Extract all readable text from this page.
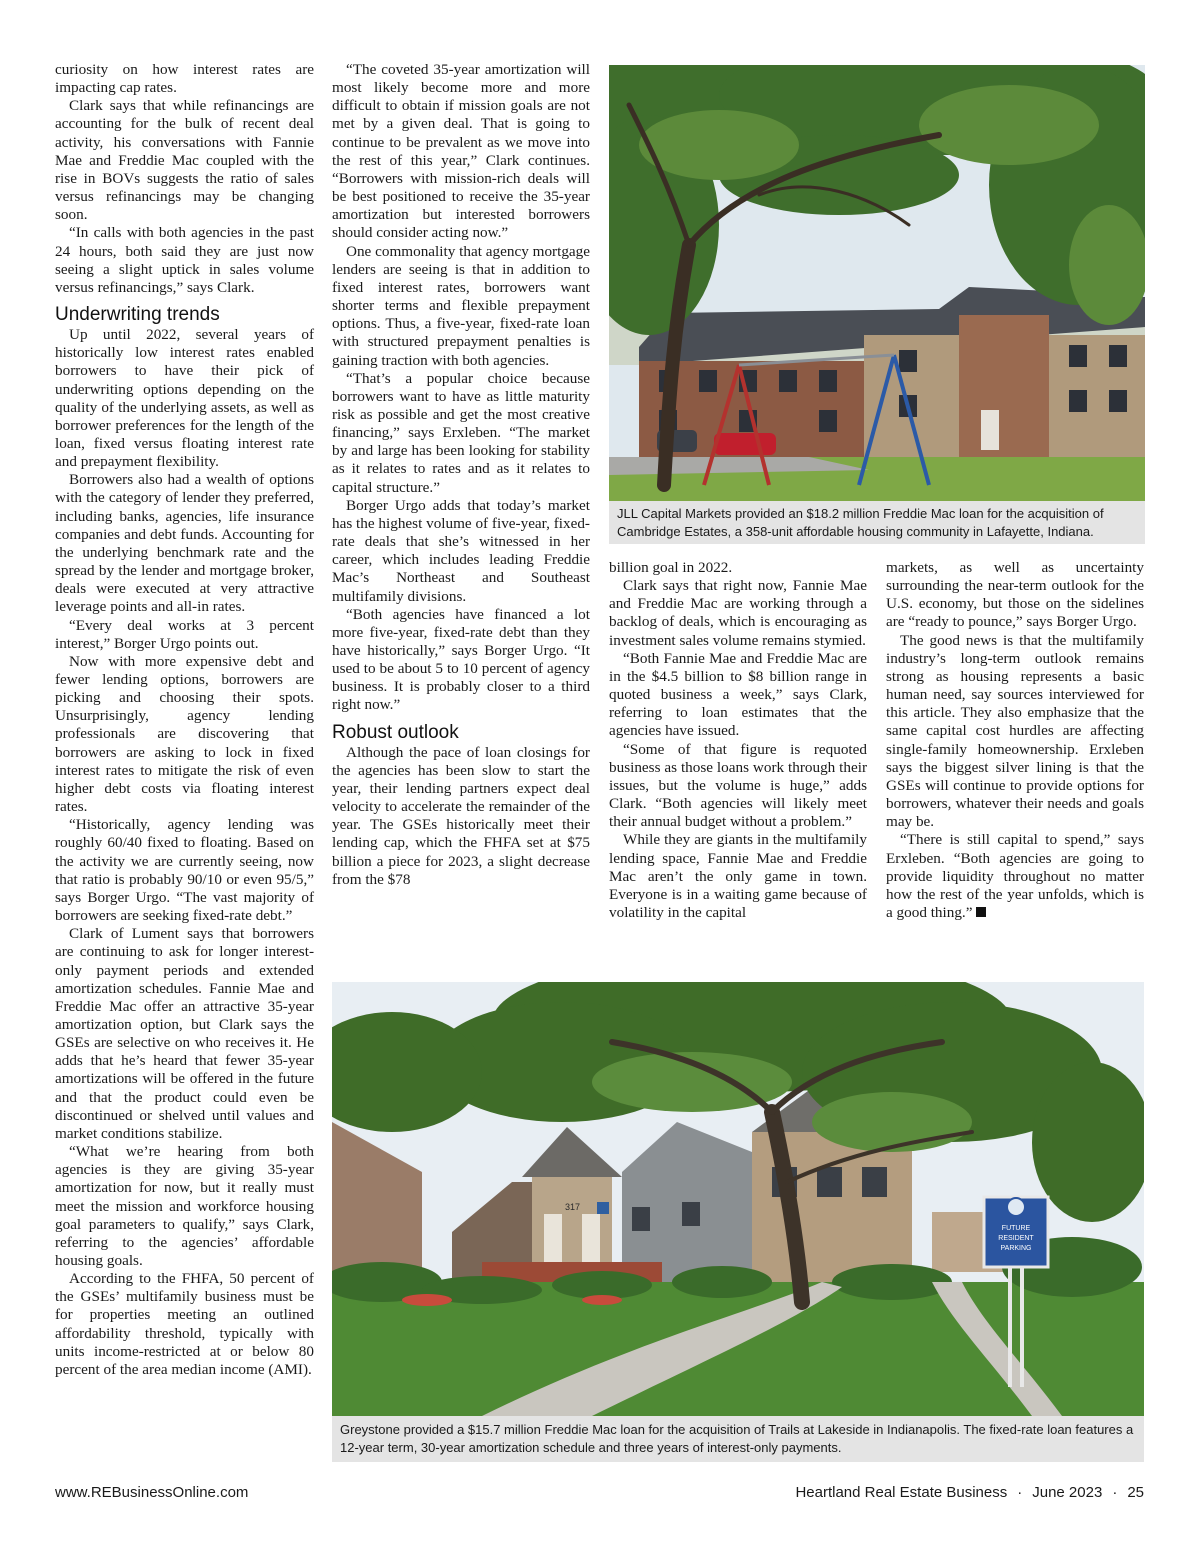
curiosity on how interest rates are impacting cap rates.

Clark says that while refinancings are accounting for the bulk of recent deal activity, his conversations with Fannie Mae and Freddie Mac coupled with the rise in BOVs suggests the ratio of sales versus refinancings may be changing soon.

“In calls with both agencies in the past 24 hours, both said they are just now seeing a slight uptick in sales volume versus refinancings,” says Clark.

Underwriting trends

Up until 2022, several years of historically low interest rates enabled borrowers to have their pick of underwriting options depending on the quality of the underlying assets, as well as borrower preferences for the length of the loan, fixed versus floating interest rate and prepayment flexibility.

Borrowers also had a wealth of options with the category of lender they preferred, including banks, agencies, life insurance companies and debt funds. Accounting for the underlying benchmark rate and the spread by the lender and mortgage broker, deals were executed at very attractive leverage points and all-in rates.

“Every deal works at 3 percent interest,” Borger Urgo points out.

Now with more expensive debt and fewer lending options, borrowers are picking and choosing their spots. Unsurprisingly, agency lending professionals are discovering that borrowers are asking to lock in fixed interest rates to mitigate the risk of even higher debt costs via floating interest rates.

“Historically, agency lending was roughly 60/40 fixed to floating. Based on the activity we are currently seeing, now that ratio is probably 90/10 or even 95/5,” says Borger Urgo. “The vast majority of borrowers are seeking fixed-rate debt.”

Clark of Lument says that borrowers are continuing to ask for longer interest-only payment periods and extended amortization schedules. Fannie Mae and Freddie Mac offer an attractive 35-year amortization option, but Clark says the GSEs are selective on who receives it. He adds that he’s heard that fewer 35-year amortizations will be offered in the future and that the product could even be discontinued or shelved until values and market conditions stabilize.

“What we’re hearing from both agencies is they are giving 35-year amortization for now, but it really must meet the mission and workforce housing goal parameters to qualify,” says Clark, referring to the agencies’ affordable housing goals.

According to the FHFA, 50 percent of the GSEs’ multifamily business must be for properties meeting an outlined affordability threshold, typically with units income-restricted at or below 80 percent of the area median income (AMI).

“The coveted 35-year amortization will most likely become more and more difficult to obtain if mission goals are not met by a given deal. That is going to continue to be prevalent as we move into the rest of this year,” Clark continues. “Borrowers with mission-rich deals will be best positioned to receive the 35-year amortization but interested borrowers should consider acting now.”

One commonality that agency mortgage lenders are seeing is that in addition to fixed interest rates, borrowers want shorter terms and flexible prepayment options. Thus, a five-year, fixed-rate loan with structured prepayment penalties is gaining traction with both agencies.

“That’s a popular choice because borrowers want to have as little maturity risk as possible and get the most creative financing,” says Erxleben. “The market by and large has been looking for stability as it relates to rates and as it relates to capital structure.”

Borger Urgo adds that today’s market has the highest volume of five-year, fixed-rate deals that she’s witnessed in her career, which includes leading Freddie Mac’s Northeast and Southeast multifamily divisions.

“Both agencies have financed a lot more five-year, fixed-rate debt than they have historically,” says Borger Urgo. “It used to be about 5 to 10 percent of agency business. It is probably closer to a third right now.”

Robust outlook

Although the pace of loan closings for the agencies has been slow to start the year, their lending partners expect deal velocity to accelerate the remainder of the year. The GSEs historically meet their lending cap, which the FHFA set at $75 billion a piece for 2023, a slight decrease from the $78

JLL Capital Markets provided an $18.2 million Freddie Mac loan for the acquisition of Cambridge Estates, a 358-unit affordable housing community in Lafayette, Indiana.

billion goal in 2022.

Clark says that right now, Fannie Mae and Freddie Mac are working through a backlog of deals, which is encouraging as investment sales volume remains stymied.

“Both Fannie Mae and Freddie Mac are in the $4.5 billion to $8 billion range in quoted business a week,” says Clark, referring to loan estimates that the agencies have issued.

“Some of that figure is requoted business as those loans work through their issues, but the volume is huge,” adds Clark. “Both agencies will likely meet their annual budget without a problem.”

While they are giants in the multifamily lending space, Fannie Mae and Freddie Mac aren’t the only game in town. Everyone is in a waiting game because of volatility in the capital

markets, as well as uncertainty surrounding the near-term outlook for the U.S. economy, but those on the sidelines are “ready to pounce,” says Borger Urgo.

The good news is that the multifamily industry’s long-term outlook remains strong as housing represents a basic human need, say sources interviewed for this article. They also emphasize that the same capital cost hurdles are affecting single-family homeownership. Erxleben says the biggest silver lining is that the GSEs will continue to provide options for borrowers, whatever their needs and goals may be.

“There is still capital to spend,” says Erxleben. “Both agencies are going to provide liquidity throughout no matter how the rest of the year unfolds, which is a good thing.”

317
FUTURE
RESIDENT
PARKING
Greystone provided a $15.7 million Freddie Mac loan for the acquisition of Trails at Lakeside in Indianapolis. The fixed-rate loan features a 12-year term, 30-year amortization schedule and three years of interest-only payments.
www.REBusinessOnline.com	Heartland Real Estate Business · June 2023 · 25
